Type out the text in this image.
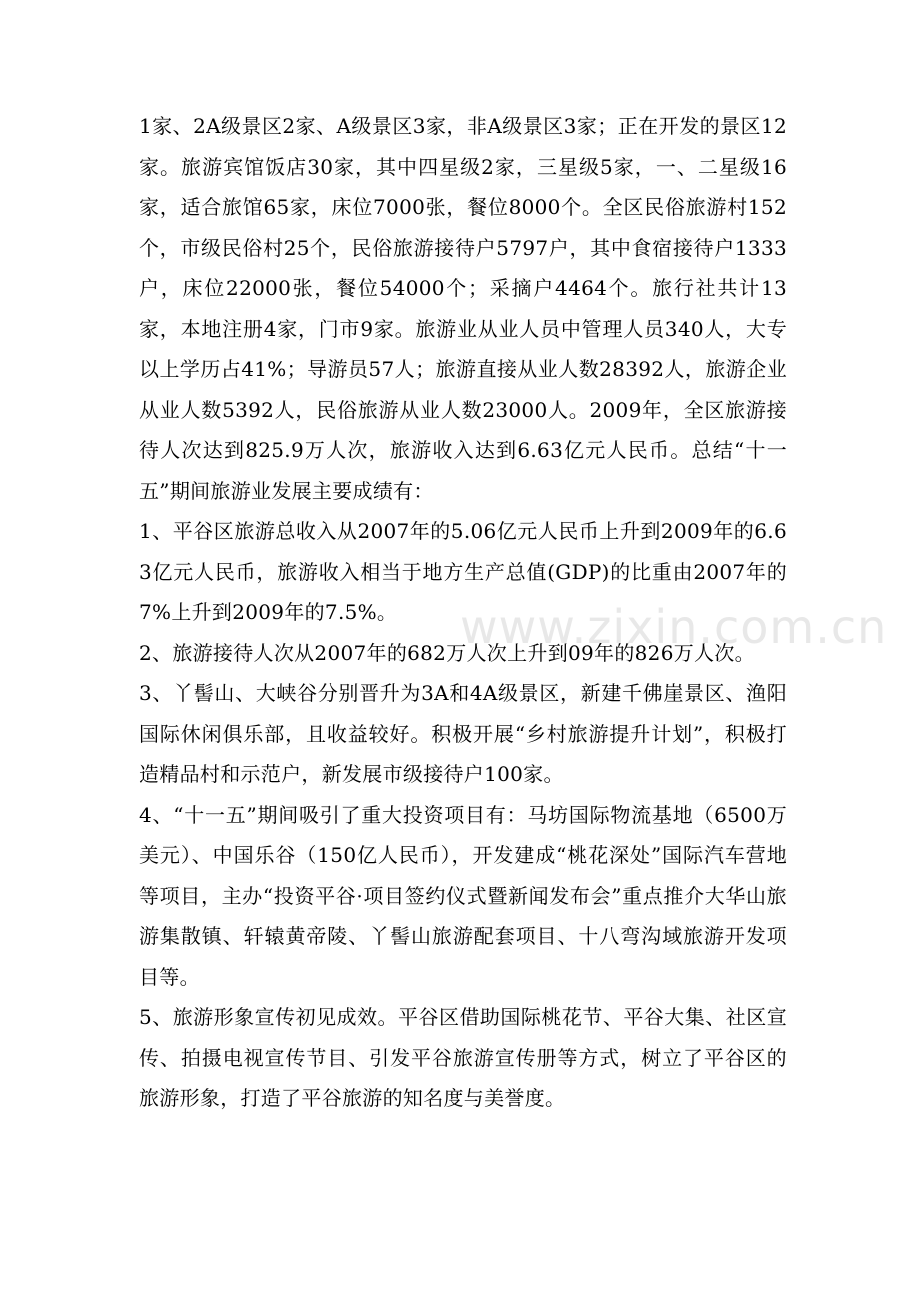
1家、2A级景区2家、A级景区3家，非A级景区3家；正在开发的景区12家。旅游宾馆饭店30家，其中四星级2家，三星级5家，一、二星级16家，适合旅馆65家，床位7000张，餐位8000个。全区民俗旅游村152个，市级民俗村25个，民俗旅游接待户5797户，其中食宿接待户1333户，床位22000张，餐位54000个；采摘户4464个。旅行社共计13家，本地注册4家，门市9家。旅游业从业人员中管理人员340人，大专以上学历占41%；导游员57人；旅游直接从业人数28392人，旅游企业从业人数5392人，民俗旅游从业人数23000人。2009年，全区旅游接待人次达到825.9万人次，旅游收入达到6.63亿元人民币。总结“十一五”期间旅游业发展主要成绩有：

1、平谷区旅游总收入从2007年的5.06亿元人民币上升到2009年的6.63亿元人民币，旅游收入相当于地方生产总值(GDP)的比重由2007年的7%上升到2009年的7.5%。

2、旅游接待人次从2007年的682万人次上升到09年的826万人次。

3、丫髻山、大峡谷分别晋升为3A和4A级景区，新建千佛崖景区、渔阳国际休闲俱乐部，且收益较好。积极开展“乡村旅游提升计划”，积极打造精品村和示范户，新发展市级接待户100家。

4、“十一五”期间吸引了重大投资项目有：马坊国际物流基地（6500万美元）、中国乐谷（150亿人民币），开发建成“桃花深处”国际汽车营地等项目，主办“投资平谷·项目签约仪式暨新闻发布会”重点推介大华山旅游集散镇、轩辕黄帝陵、丫髻山旅游配套项目、十八弯沟域旅游开发项目等。

5、旅游形象宣传初见成效。平谷区借助国际桃花节、平谷大集、社区宣传、拍摄电视宣传节目、引发平谷旅游宣传册等方式，树立了平谷区的旅游形象，打造了平谷旅游的知名度与美誉度。

www.zixin.com.cn
